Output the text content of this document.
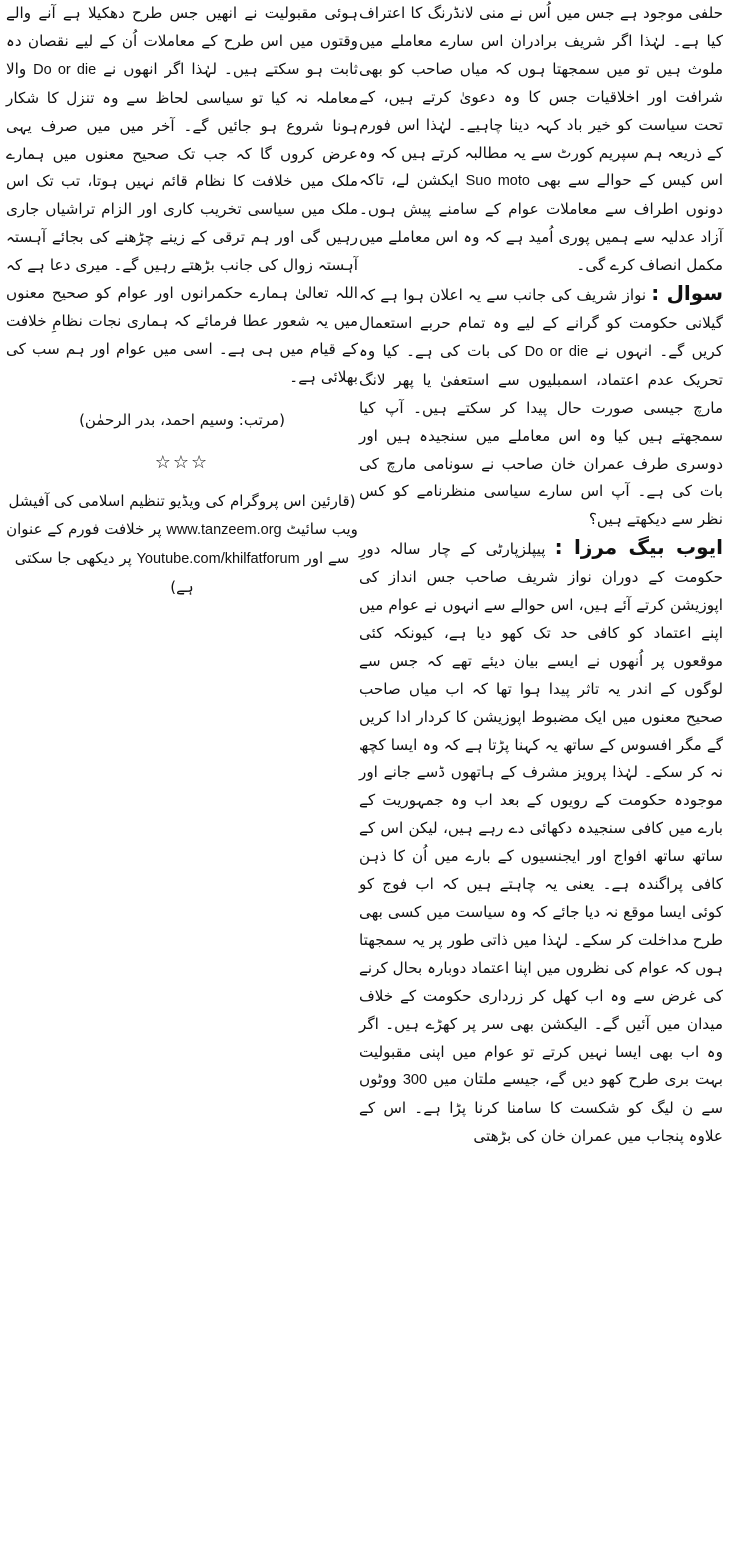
حلفی موجود ہے جس میں اُس نے منی لانڈرنگ کا اعتراف کیا ہے۔ لہٰذا اگر شریف برادران اس سارے معاملے میں ملوث ہیں تو میں سمجھتا ہوں کہ میاں صاحب کو بھی شرافت اور اخلاقیات جس کا وہ دعویٰ کرتے ہیں، کے تحت سیاست کو خیر باد کہہ دینا چاہیے۔ لہٰذا اس فورم کے ذریعہ ہم سپریم کورٹ سے یہ مطالبہ کرتے ہیں کہ وہ اس کیس کے حوالے سے بھی Suo moto ایکشن لے، تاکہ دونوں اطراف سے معاملات عوام کے سامنے پیش ہوں۔ آزاد عدلیہ سے ہمیں پوری اُمید ہے کہ وہ اس معاملے میں مکمل انصاف کرے گی۔

سوال : نواز شریف کی جانب سے یہ اعلان ہوا ہے کہ گیلانی حکومت کو گرانے کے لیے وہ تمام حربے استعمال کریں گے۔ انہوں نے Do or die کی بات کی ہے۔ کیا وہ تحریک عدم اعتماد، اسمبلیوں سے استعفیٰ یا پھر لانگ مارچ جیسی صورت حال پیدا کر سکتے ہیں۔ آپ کیا سمجھتے ہیں کیا وہ اس معاملے میں سنجیدہ ہیں اور دوسری طرف عمران خان صاحب نے سونامی مارچ کی بات کی ہے۔ آپ اس سارے سیاسی منظرنامے کو کس نظر سے دیکھتے ہیں؟

ایوب بیگ مرزا : پیپلزپارٹی کے چار سالہ دورِ حکومت کے دوران نواز شریف صاحب جس انداز کی اپوزیشن کرتے آئے ہیں، اس حوالے سے انہوں نے عوام میں اپنے اعتماد کو کافی حد تک کھو دیا ہے، کیونکہ کئی موقعوں پر اُنھوں نے ایسے بیان دیئے تھے کہ جس سے لوگوں کے اندر یہ تاثر پیدا ہوا تھا کہ اب میاں صاحب صحیح معنوں میں ایک مضبوط اپوزیشن کا کردار ادا کریں گے مگر افسوس کے ساتھ یہ کہنا پڑتا ہے کہ وہ ایسا کچھ نہ کر سکے۔ لہٰذا پرویز مشرف کے ہاتھوں ڈسے جانے اور موجودہ حکومت کے رویوں کے بعد اب وہ جمہوریت کے بارے میں کافی سنجیدہ دکھائی دے رہے ہیں، لیکن اس کے ساتھ ساتھ افواج اور ایجنسیوں کے بارے میں اُن کا ذہن کافی پراگندہ ہے۔ یعنی یہ چاہتے ہیں کہ اب فوج کو کوئی ایسا موقع نہ دیا جائے کہ وہ سیاست میں کسی بھی طرح مداخلت کر سکے۔ لہٰذا میں ذاتی طور پر یہ سمجھتا ہوں کہ عوام کی نظروں میں اپنا اعتماد دوبارہ بحال کرنے کی غرض سے وہ اب کھل کر زرداری حکومت کے خلاف میدان میں آئیں گے۔ الیکشن بھی سر پر کھڑے ہیں۔ اگر وہ اب بھی ایسا نہیں کرتے تو عوام میں اپنی مقبولیت بہت بری طرح کھو دیں گے، جیسے ملتان میں 300 ووٹوں سے ن لیگ کو شکست کا سامنا کرنا پڑا ہے۔ اس کے علاوہ پنجاب میں عمران خان کی بڑھتی

ہوئی مقبولیت نے انھیں جس طرح دھکیلا ہے آنے والے وقتوں میں اس طرح کے معاملات اُن کے لیے نقصان دہ ثابت ہو سکتے ہیں۔ لہٰذا اگر انھوں نے Do or die والا معاملہ نہ کیا تو سیاسی لحاظ سے وہ تنزل کا شکار ہونا شروع ہو جائیں گے۔ آخر میں میں صرف یہی عرض کروں گا کہ جب تک صحیح معنوں میں ہمارے ملک میں خلافت کا نظام قائم نہیں ہوتا، تب تک اس ملک میں سیاسی تخریب کاری اور الزام تراشیاں جاری رہیں گی اور ہم ترقی کے زینے چڑھنے کی بجائے آہستہ آہستہ زوال کی جانب بڑھتے رہیں گے۔ میری دعا ہے کہ اللہ تعالیٰ ہمارے حکمرانوں اور عوام کو صحیح معنوں میں یہ شعور عطا فرمائے کہ ہماری نجات نظامِ خلافت کے قیام میں ہی ہے۔ اسی میں عوام اور ہم سب کی بھلائی ہے۔

(مرتب: وسیم احمد، بدر الرحمٰن)

☆☆☆

(قارئین اس پروگرام کی ویڈیو تنظیم اسلامی کی آفیشل ویب سائیٹ www.tanzeem.org پر خلافت فورم کے عنوان سے اور Youtube.com/khilfatforum پر دیکھی جا سکتی ہے)
